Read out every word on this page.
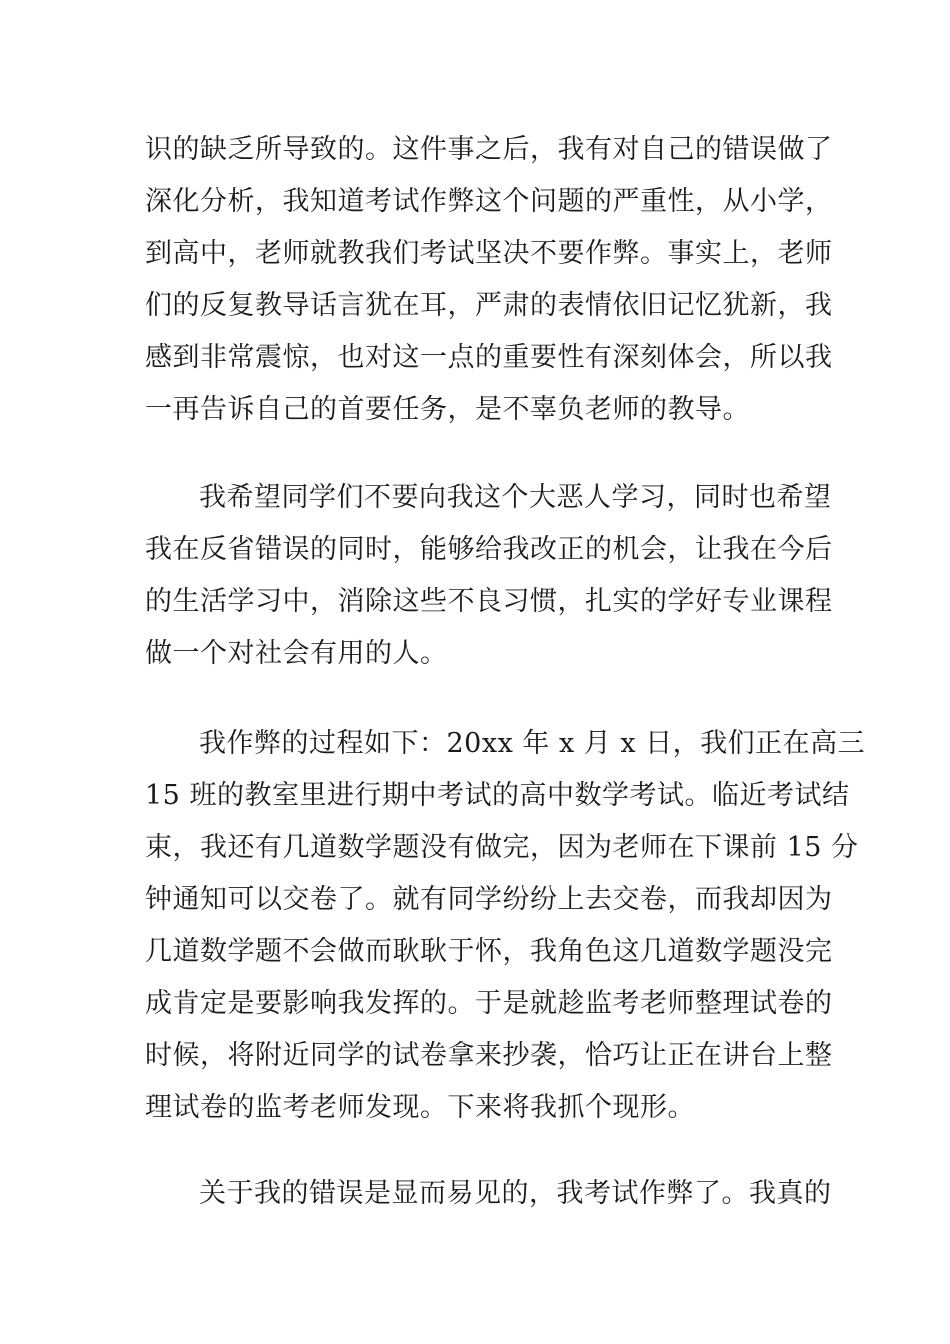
识的缺乏所导致的。这件事之后，我有对自己的错误做了
深化分析，我知道考试作弊这个问题的严重性，从小学，
到高中，老师就教我们考试坚决不要作弊。事实上，老师
们的反复教导话言犹在耳，严肃的表情依旧记忆犹新，我
感到非常震惊，也对这一点的重要性有深刻体会，所以我
一再告诉自己的首要任务，是不辜负老师的教导。
我希望同学们不要向我这个大恶人学习，同时也希望
我在反省错误的同时，能够给我改正的机会，让我在今后
的生活学习中，消除这些不良习惯，扎实的学好专业课程
做一个对社会有用的人。
我作弊的过程如下：20xx 年 x 月 x 日，我们正在高三
15 班的教室里进行期中考试的高中数学考试。临近考试结
束，我还有几道数学题没有做完，因为老师在下课前 15 分
钟通知可以交卷了。就有同学纷纷上去交卷，而我却因为
几道数学题不会做而耿耿于怀，我角色这几道数学题没完
成肯定是要影响我发挥的。于是就趁监考老师整理试卷的
时候，将附近同学的试卷拿来抄袭，恰巧让正在讲台上整
理试卷的监考老师发现。下来将我抓个现形。
关于我的错误是显而易见的，我考试作弊了。我真的
